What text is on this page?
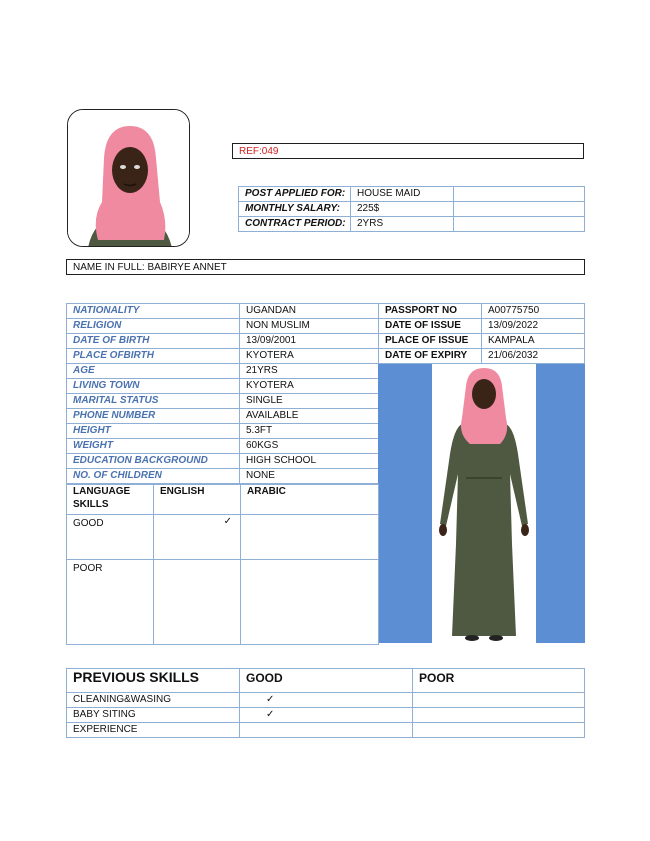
REF:049
POST APPLIED FOR:	HOUSE MAID	
MONTHLY SALARY:	225$	
CONTRACT PERIOD:	2YRS	
NAME IN FULL: BABIRYE ANNET
NATIONALITY	UGANDAN
RELIGION	NON MUSLIM
DATE OF BIRTH	13/09/2001
PLACE OFBIRTH	KYOTERA
AGE	21YRS
LIVING TOWN	KYOTERA
MARITAL STATUS	SINGLE
PHONE NUMBER	AVAILABLE
HEIGHT	5.3FT
WEIGHT	60KGS
EDUCATION BACKGROUND	HIGH SCHOOL
NO. OF CHILDREN	NONE
PASSPORT NO	A00775750
DATE OF ISSUE	13/09/2022
PLACE OF ISSUE	KAMPALA
DATE OF EXPIRY	21/06/2032
LANGUAGE SKILLS	ENGLISH	ARABIC
GOOD	✓	
POOR		
PREVIOUS SKILLS	GOOD	POOR
CLEANING&WASING	✓	
BABY SITING	✓	
EXPERIENCE		
